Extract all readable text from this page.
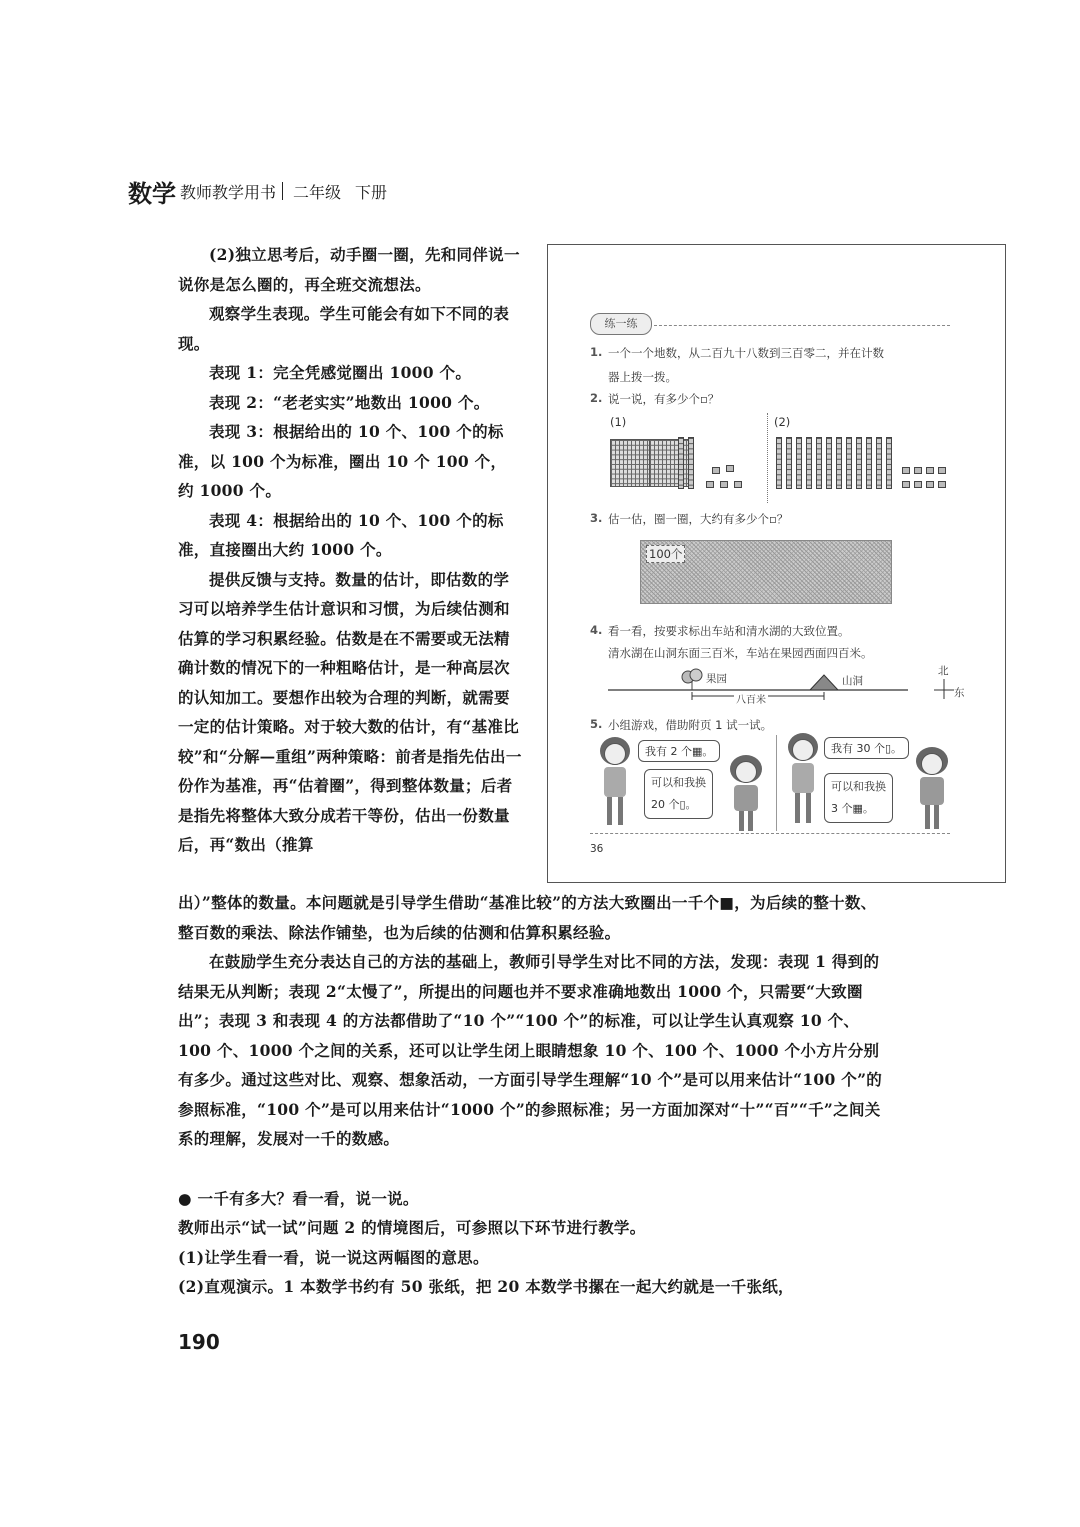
数 学 教师教学用书 二年级 下册

(2)独立思考后，动手圈一圈，先和同伴说一说你是怎么圈的，再全班交流想法。

观察学生表现。学生可能会有如下不同的表现。

表现 1：完全凭感觉圈出 1000 个。

表现 2：“老老实实”地数出 1000 个。

表现 3：根据给出的 10 个、100 个的标准，以 100 个为标准，圈出 10 个 100 个，约 1000 个。

表现 4：根据给出的 10 个、100 个的标准，直接圈出大约 1000 个。

提供反馈与支持。数量的估计，即估数的学习可以培养学生估计意识和习惯，为后续估测和估算的学习积累经验。估数是在不需要或无法精确计数的情况下的一种粗略估计，是一种高层次的认知加工。要想作出较为合理的判断，就需要一定的估计策略。对于较大数的估计，有“基准比较”和“分解—重组”两种策略：前者是指先估出一份作为基准，再“估着圈”，得到整体数量；后者是指先将整体大致分成若干等份，估出一份数量后，再“数出（推算

练一练
1. 一个一个地数，从二百九十八数到三百零二，并在计数
器上拨一拨。
2. 说一说，有多少个▫？
(1)	(2)
3. 估一估，圈一圈，大约有多少个▫？
100个
4. 看一看，按要求标出车站和清水湖的大致位置。
清水湖在山洞东面三百米，车站在果园西面四百米。
果园	山洞
北
东
八百米
5. 小组游戏，借助附页 1 试一试。
我有 2 个▦。
可以和我换
20 个▯。
我有 30 个▯。
可以和我换
3 个▦。
36

出）”整体的数量。本问题就是引导学生借助“基准比较”的方法大致圈出一千个■，为后续的整十数、整百数的乘法、除法作铺垫，也为后续的估测和估算积累经验。

在鼓励学生充分表达自己的方法的基础上，教师引导学生对比不同的方法，发现：表现 1 得到的结果无从判断；表现 2“太慢了”，所提出的问题也并不要求准确地数出 1000 个，只需要“大致圈出”；表现 3 和表现 4 的方法都借助了“10 个”“100 个”的标准，可以让学生认真观察 10 个、100 个、1000 个之间的关系，还可以让学生闭上眼睛想象 10 个、100 个、1000 个小方片分别有多少。通过这些对比、观察、想象活动，一方面引导学生理解“10 个”是可以用来估计“100 个”的参照标准，“100 个”是可以用来估计“1000 个”的参照标准；另一方面加深对“十”“百”“千”之间关系的理解，发展对一千的数感。

● 一千有多大？看一看，说一说。

教师出示“试一试”问题 2 的情境图后，可参照以下环节进行教学。

(1)让学生看一看，说一说这两幅图的意思。

(2)直观演示。1 本数学书约有 50 张纸，把 20 本数学书摞在一起大约就是一千张纸，

190
